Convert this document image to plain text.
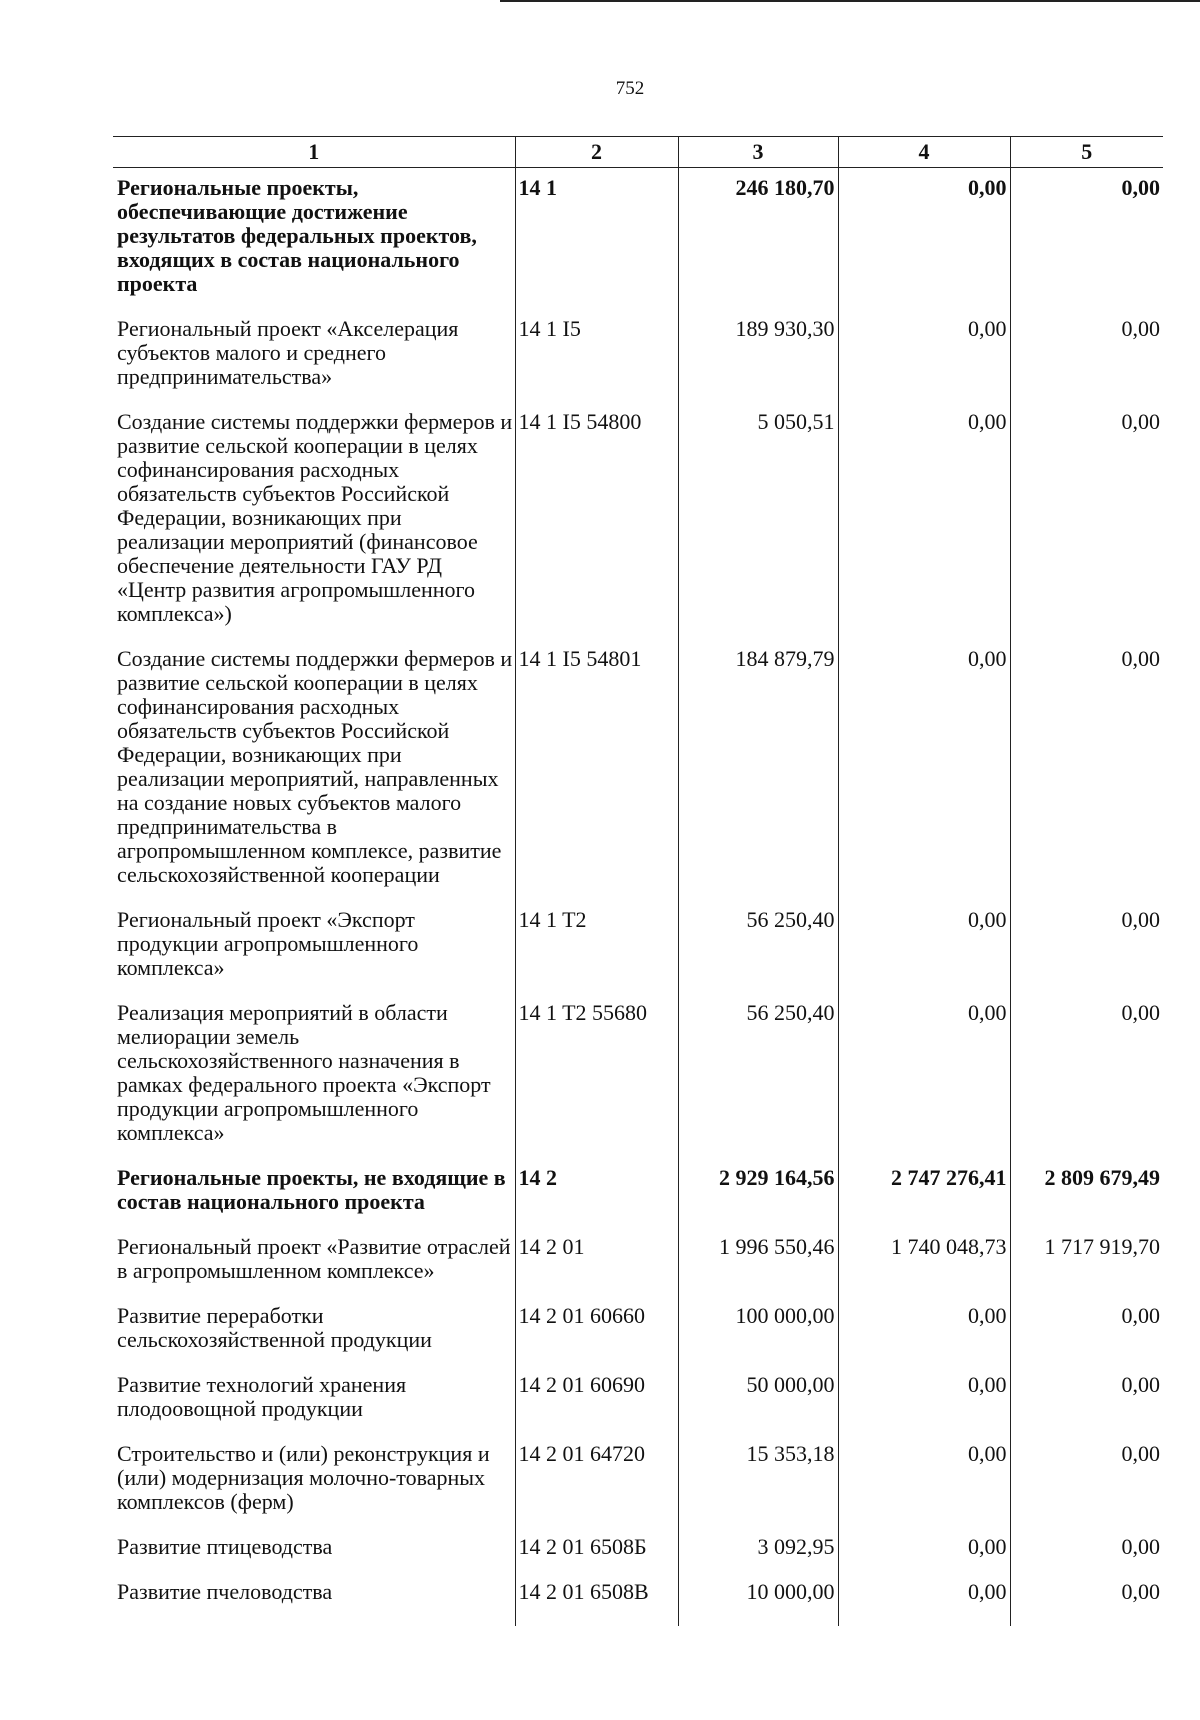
752
1	2	3	4	5
Региональные проекты, обеспечивающие достижение результатов федеральных проектов, входящих в состав национального проекта	14 1	246 180,70	0,00	0,00
Региональный проект «Акселерация субъектов малого и среднего предпринимательства»	14 1 I5	189 930,30	0,00	0,00
Создание системы поддержки фермеров и развитие сельской кооперации в целях софинансирования расходных обязательств субъектов Российской Федерации, возникающих при реализации мероприятий (финансовое обеспечение деятельности ГАУ РД «Центр развития агропромышленного комплекса»)	14 1 I5 54800	5 050,51	0,00	0,00
Создание системы поддержки фермеров и развитие сельской кооперации в целях софинансирования расходных обязательств субъектов Российской Федерации, возникающих при реализации мероприятий, направленных на создание новых субъектов малого предпринимательства в агропромышленном комплексе, развитие сельскохозяйственной кооперации	14 1 I5 54801	184 879,79	0,00	0,00
Региональный проект «Экспорт продукции агропромышленного комплекса»	14 1 T2	56 250,40	0,00	0,00
Реализация мероприятий в области мелиорации земель сельскохозяйственного назначения в рамках федерального проекта «Экспорт продукции агропромышленного комплекса»	14 1 T2 55680	56 250,40	0,00	0,00
Региональные проекты, не входящие в состав национального проекта	14 2	2 929 164,56	2 747 276,41	2 809 679,49
Региональный проект «Развитие отраслей в агропромышленном комплексе»	14 2 01	1 996 550,46	1 740 048,73	1 717 919,70
Развитие переработки сельскохозяйственной продукции	14 2 01 60660	100 000,00	0,00	0,00
Развитие технологий хранения плодоовощной продукции	14 2 01 60690	50 000,00	0,00	0,00
Строительство и (или) реконструкция и (или) модернизация молочно-товарных комплексов (ферм)	14 2 01 64720	15 353,18	0,00	0,00
Развитие птицеводства	14 2 01 6508Б	3 092,95	0,00	0,00
Развитие пчеловодства	14 2 01 6508В	10 000,00	0,00	0,00
